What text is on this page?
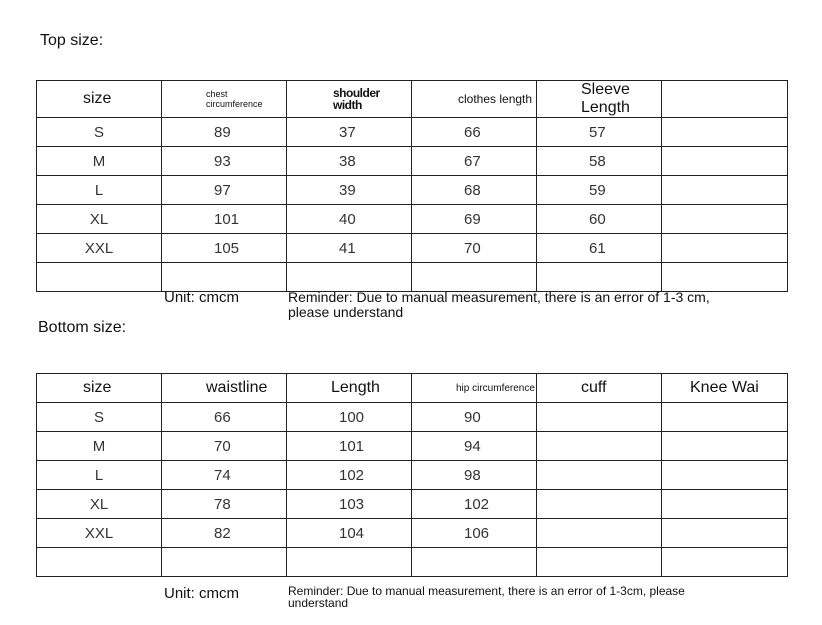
Top size:
size	chest circumference	shoulder width	clothes length	Sleeve Length	
S	89	37	66	57	
M	93	38	67	58	
L	97	39	68	59	
XL	101	40	69	60	
XXL	105	41	70	61	

Unit: cmcm	Reminder: Due to manual measurement, there is an error of 1-3 cm, please understand
Bottom size:
size	waistline	Length	hip circumference	cuff	Knee Wai
S	66	100	90		
M	70	101	94		
L	74	102	98		
XL	78	103	102		
XXL	82	104	106		

Unit: cmcm	Reminder: Due to manual measurement, there is an error of 1-3cm, please understand
